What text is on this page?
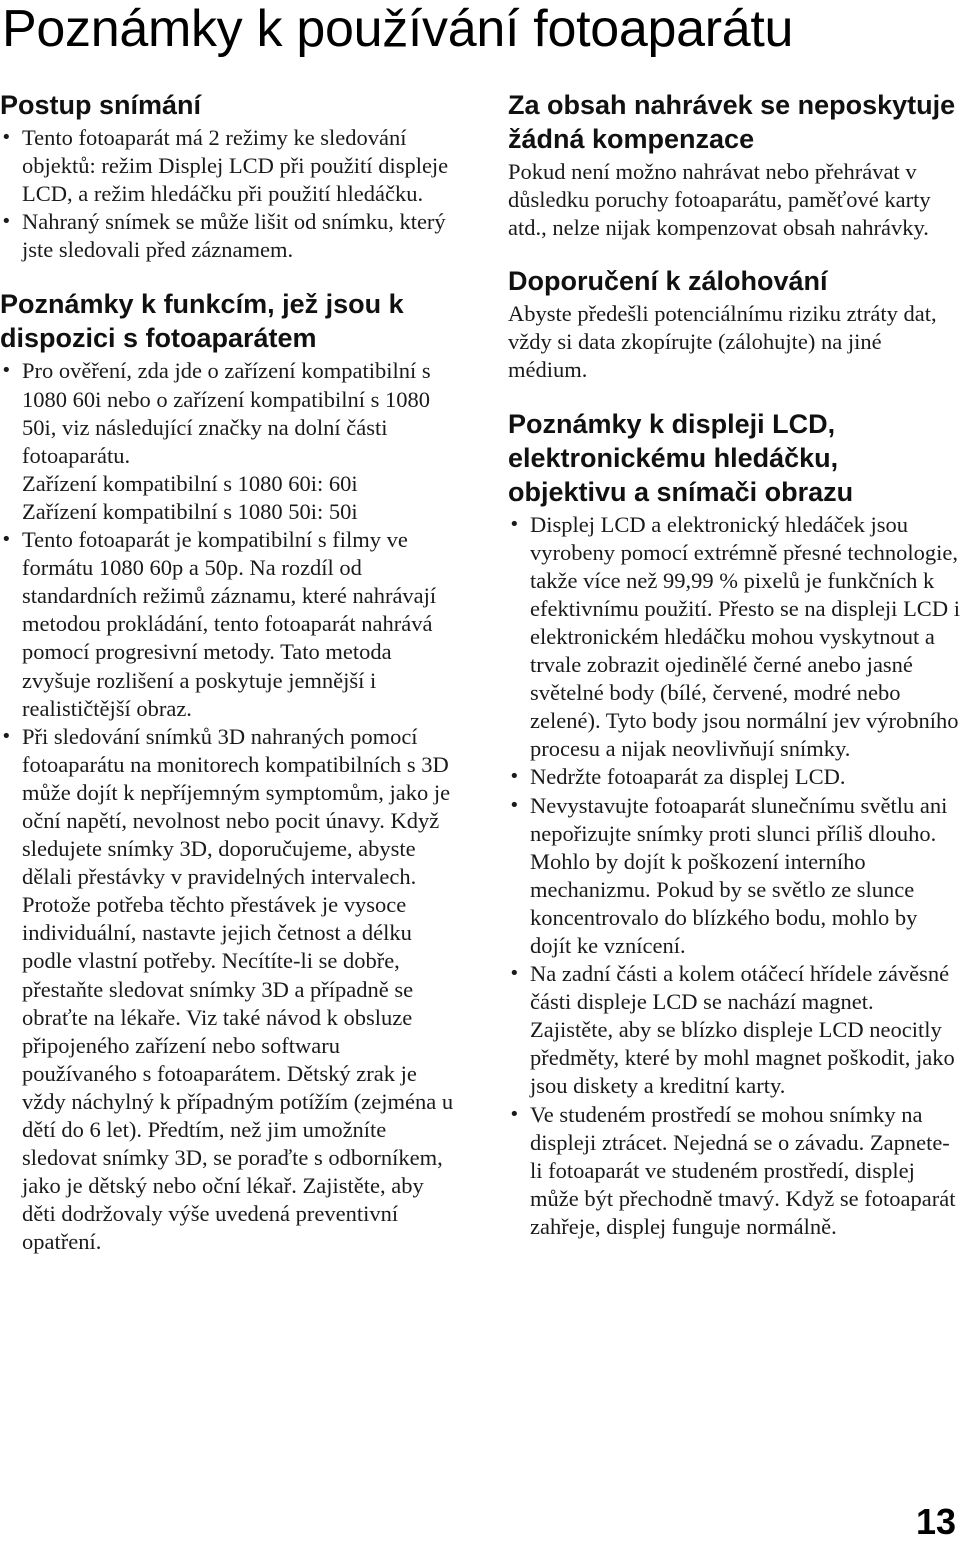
Poznámky k používání fotoaparátu
Postup snímání
• Tento fotoaparát má 2 režimy ke sledování objektů: režim Displej LCD při použití displeje LCD, a režim hledáčku při použití hledáčku.
• Nahraný snímek se může lišit od snímku, který jste sledovali před záznamem.
Poznámky k funkcím, jež jsou k dispozici s fotoaparátem
• Pro ověření, zda jde o zařízení kompatibilní s 1080 60i nebo o zařízení kompatibilní s 1080 50i, viz následující značky na dolní části fotoaparátu.
Zařízení kompatibilní s 1080 60i: 60i
Zařízení kompatibilní s 1080 50i: 50i
• Tento fotoaparát je kompatibilní s filmy ve formátu 1080 60p a 50p. Na rozdíl od standardních režimů záznamu, které nahrávají metodou prokládání, tento fotoaparát nahrává pomocí progresivní metody. Tato metoda zvyšuje rozlišení a poskytuje jemnější i realističtější obraz.
• Při sledování snímků 3D nahraných pomocí fotoaparátu na monitorech kompatibilních s 3D může dojít k nepříjemným symptomům, jako je oční napětí, nevolnost nebo pocit únavy. Když sledujete snímky 3D, doporučujeme, abyste dělali přestávky v pravidelných intervalech. Protože potřeba těchto přestávek je vysoce individuální, nastavte jejich četnost a délku podle vlastní potřeby. Necítíte-li se dobře, přestaňte sledovat snímky 3D a případně se obraťte na lékaře. Viz také návod k obsluze připojeného zařízení nebo softwaru používaného s fotoaparátem. Dětský zrak je vždy náchylný k případným potížím (zejména u dětí do 6 let). Předtím, než jim umožníte sledovat snímky 3D, se poraďte s odborníkem, jako je dětský nebo oční lékař. Zajistěte, aby děti dodržovaly výše uvedená preventivní opatření.
Za obsah nahrávek se neposkytuje žádná kompenzace

Pokud není možno nahrávat nebo přehrávat v důsledku poruchy fotoaparátu, paměťové karty atd., nelze nijak kompenzovat obsah nahrávky.

Doporučení k zálohování

Abyste předešli potenciálnímu riziku ztráty dat, vždy si data zkopírujte (zálohujte) na jiné médium.

Poznámky k displeji LCD, elektronickému hledáčku, objektivu a snímači obrazu
• Displej LCD a elektronický hledáček jsou vyrobeny pomocí extrémně přesné technologie, takže více než 99,99 % pixelů je funkčních k efektivnímu použití. Přesto se na displeji LCD i elektronickém hledáčku mohou vyskytnout a trvale zobrazit ojedinělé černé anebo jasné světelné body (bílé, červené, modré nebo zelené). Tyto body jsou normální jev výrobního procesu a nijak neovlivňují snímky.
• Nedržte fotoaparát za displej LCD.
• Nevystavujte fotoaparát slunečnímu světlu ani nepořizujte snímky proti slunci příliš dlouho. Mohlo by dojít k poškození interního mechanizmu. Pokud by se světlo ze slunce koncentrovalo do blízkého bodu, mohlo by dojít ke vznícení.
• Na zadní části a kolem otáčecí hřídele závěsné části displeje LCD se nachází magnet. Zajistěte, aby se blízko displeje LCD neocitly předměty, které by mohl magnet poškodit, jako jsou diskety a kreditní karty.
• Ve studeném prostředí se mohou snímky na displeji ztrácet. Nejedná se o závadu. Zapnete-li fotoaparát ve studeném prostředí, displej může být přechodně tmavý. Když se fotoaparát zahřeje, displej funguje normálně.
13
